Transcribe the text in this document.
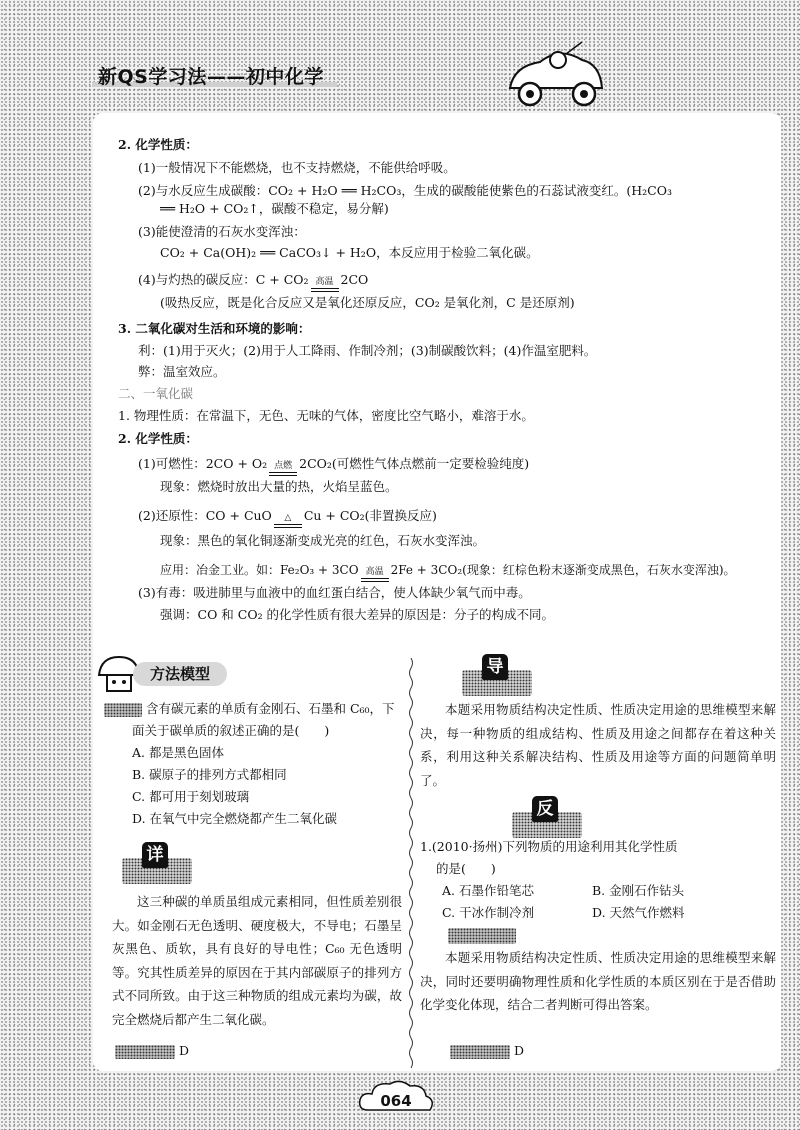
新QS学习法——初中化学
2. 化学性质：
(1)一般情况下不能燃烧，也不支持燃烧，不能供给呼吸。
(2)与水反应生成碳酸：CO₂ + H₂O ══ H₂CO₃，生成的碳酸能使紫色的石蕊试液变红。(H₂CO₃
══ H₂O + CO₂↑，碳酸不稳定，易分解)
(3)能使澄清的石灰水变浑浊：
CO₂ + Ca(OH)₂ ══ CaCO₃↓ + H₂O，本反应用于检验二氧化碳。
(4)与灼热的碳反应：C + CO₂ 高温 2CO
(吸热反应，既是化合反应又是氧化还原反应，CO₂ 是氧化剂，C 是还原剂)
3. 二氧化碳对生活和环境的影响：
利：(1)用于灭火；(2)用于人工降雨、作制冷剂；(3)制碳酸饮料；(4)作温室肥料。
弊：温室效应。
二、一氧化碳
1. 物理性质：在常温下，无色、无味的气体，密度比空气略小，难溶于水。
2. 化学性质：
(1)可燃性：2CO + O₂ 点燃 2CO₂(可燃性气体点燃前一定要检验纯度)
现象：燃烧时放出大量的热，火焰呈蓝色。
(2)还原性：CO + CuO	△	Cu + CO₂(非置换反应)
现象：黑色的氧化铜逐渐变成光亮的红色，石灰水变浑浊。
应用：冶金工业。如：Fe₂O₃ + 3CO 高温 2Fe + 3CO₂(现象：红棕色粉末逐渐变成黑色，石灰水变浑浊)。
(3)有毒：吸进肺里与血液中的血红蛋白结合，使人体缺少氧气而中毒。
强调：CO 和 CO₂ 的化学性质有很大差异的原因是：分子的构成不同。
方法模型
含有碳元素的单质有金刚石、石墨和 C₆₀，下
面关于碳单质的叙述正确的是(　　)
A. 都是黑色固体
B. 碳原子的排列方式都相同
C. 都可用于刻划玻璃
D. 在氧气中完全燃烧都产生二氧化碳
详
这三种碳的单质虽组成元素相同，但性质差别很大。如金刚石无色透明、硬度极大，不导电；石墨呈灰黑色、质软，具有良好的导电性；C₆₀ 无色透明等。究其性质差异的原因在于其内部碳原子的排列方式不同所致。由于这三种物质的组成元素均为碳，故完全燃烧后都产生二氧化碳。
D
导
本题采用物质结构决定性质、性质决定用途的思维模型来解决，每一种物质的组成结构、性质及用途之间都存在着这种关系，利用这种关系解决结构、性质及用途等方面的问题简单明了。
反
1.(2010·扬州)下列物质的用途利用其化学性质
的是(　　)
A. 石墨作铅笔芯	B. 金刚石作钻头
C. 干冰作制冷剂	D. 天然气作燃料
本题采用物质结构决定性质、性质决定用途的思维模型来解决，同时还要明确物理性质和化学性质的本质区别在于是否借助化学变化体现，结合二者判断可得出答案。
D
064
